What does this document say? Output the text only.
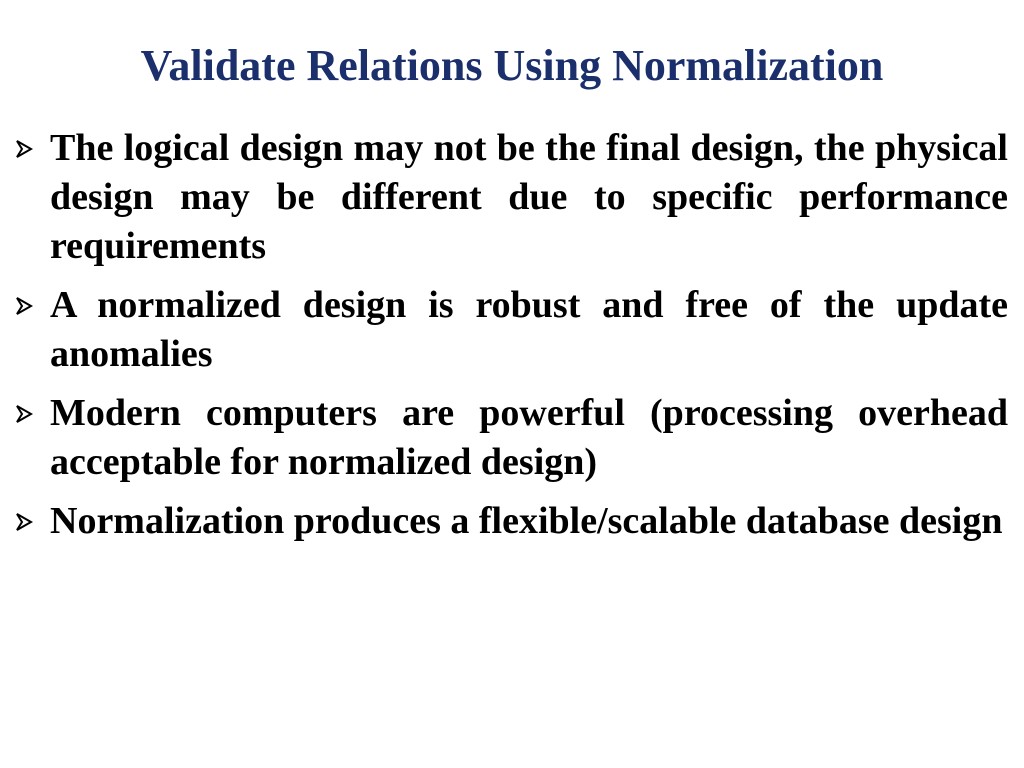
Validate Relations Using Normalization
The logical design may not be the final design, the physical design may be different due to specific performance requirements
A normalized design is robust and free of the update anomalies
Modern computers are powerful (processing overhead acceptable for normalized design)
Normalization produces a flexible/scalable database design
